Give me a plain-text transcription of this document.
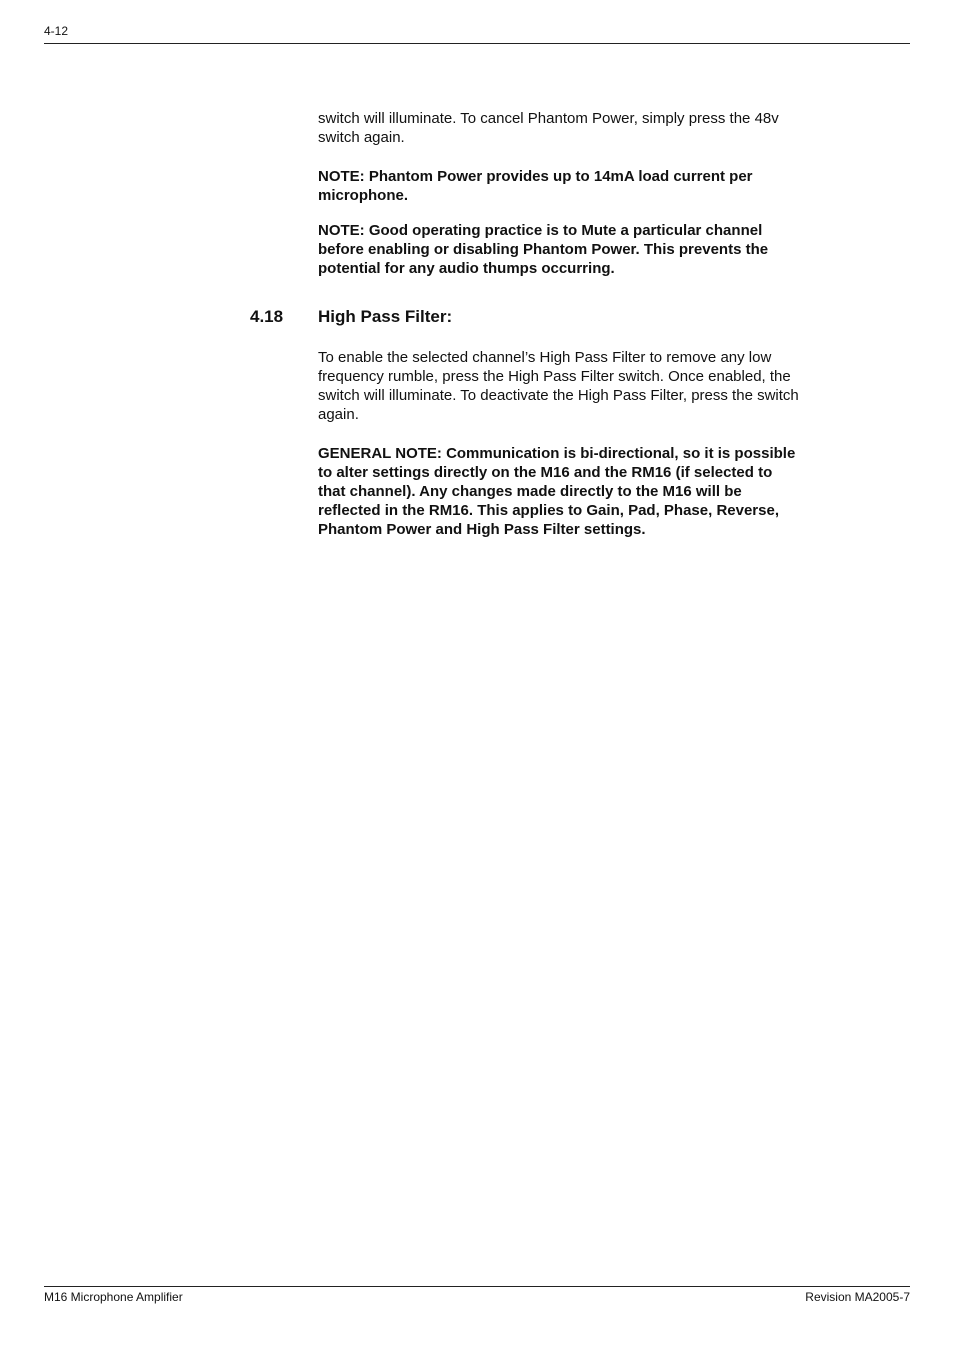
4-12

switch will illuminate. To cancel Phantom Power, simply press the 48v switch again.

NOTE: Phantom Power provides up to 14mA load current per microphone.

NOTE: Good operating practice is to Mute a particular channel before enabling or disabling Phantom Power. This prevents the potential for any audio thumps occurring.

4.18 High Pass Filter:

To enable the selected channel’s High Pass Filter to remove any low frequency rumble, press the High Pass Filter switch. Once enabled, the switch will illuminate. To deactivate the High Pass Filter, press the switch again.

GENERAL NOTE: Communication is bi-directional, so it is possible to alter settings directly on the M16 and the RM16 (if selected to that channel). Any changes made directly to the M16 will be reflected in the RM16. This applies to Gain, Pad, Phase, Reverse, Phantom Power and High Pass Filter settings.

M16 Microphone Amplifier	Revision MA2005-7
